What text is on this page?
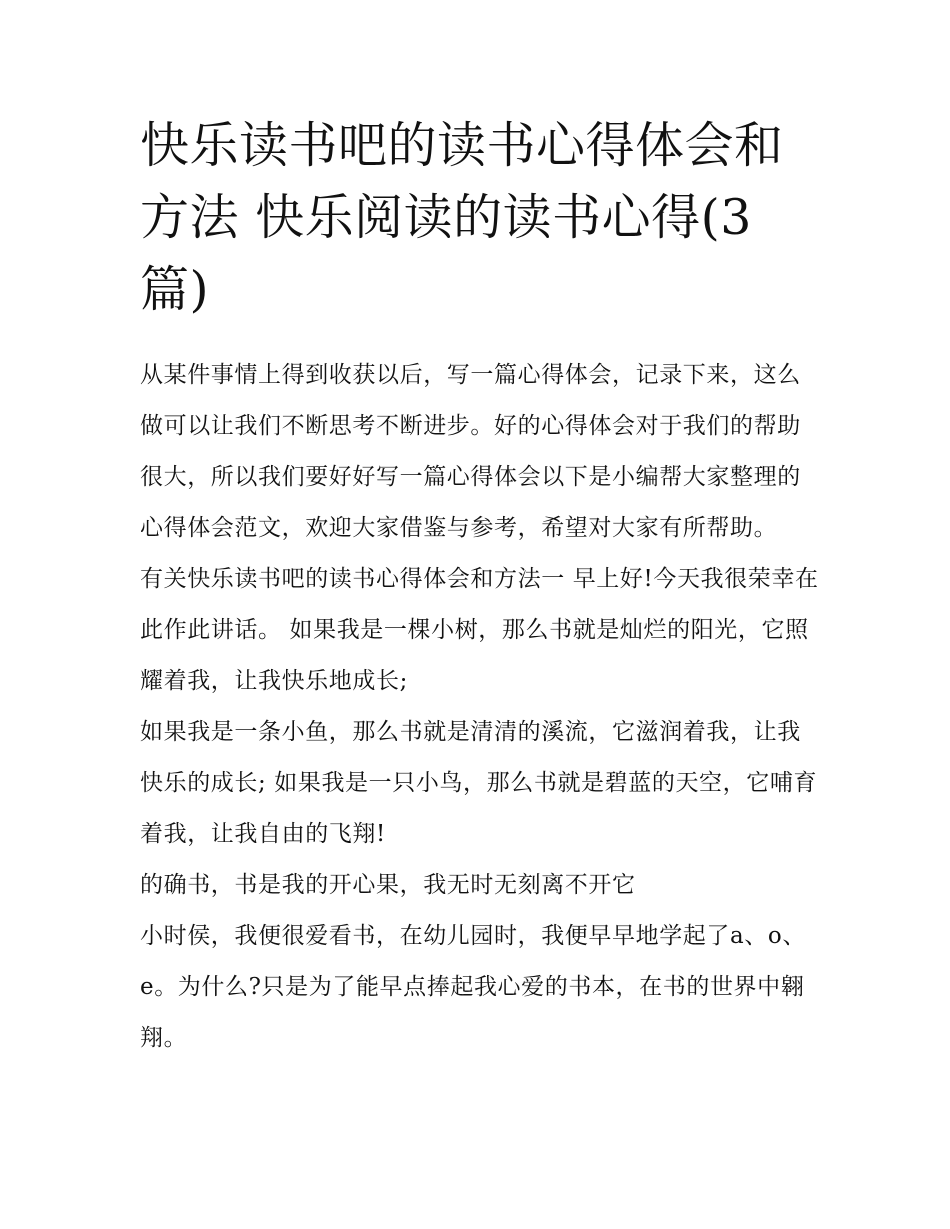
快乐读书吧的读书心得体会和方法 快乐阅读的读书心得(3篇)

从某件事情上得到收获以后，写一篇心得体会，记录下来，这么做可以让我们不断思考不断进步。好的心得体会对于我们的帮助很大，所以我们要好好写一篇心得体会以下是小编帮大家整理的心得体会范文，欢迎大家借鉴与参考，希望对大家有所帮助。

有关快乐读书吧的读书心得体会和方法一 早上好!今天我很荣幸在此作此讲话。 如果我是一棵小树，那么书就是灿烂的阳光，它照耀着我，让我快乐地成长;

如果我是一条小鱼，那么书就是清清的溪流，它滋润着我，让我快乐的成长; 如果我是一只小鸟，那么书就是碧蓝的天空，它哺育着我，让我自由的飞翔!

的确书，书是我的开心果，我无时无刻离不开它

小时侯，我便很爱看书，在幼儿园时，我便早早地学起了a、o、e。为什么?只是为了能早点捧起我心爱的书本，在书的世界中翱翔。
